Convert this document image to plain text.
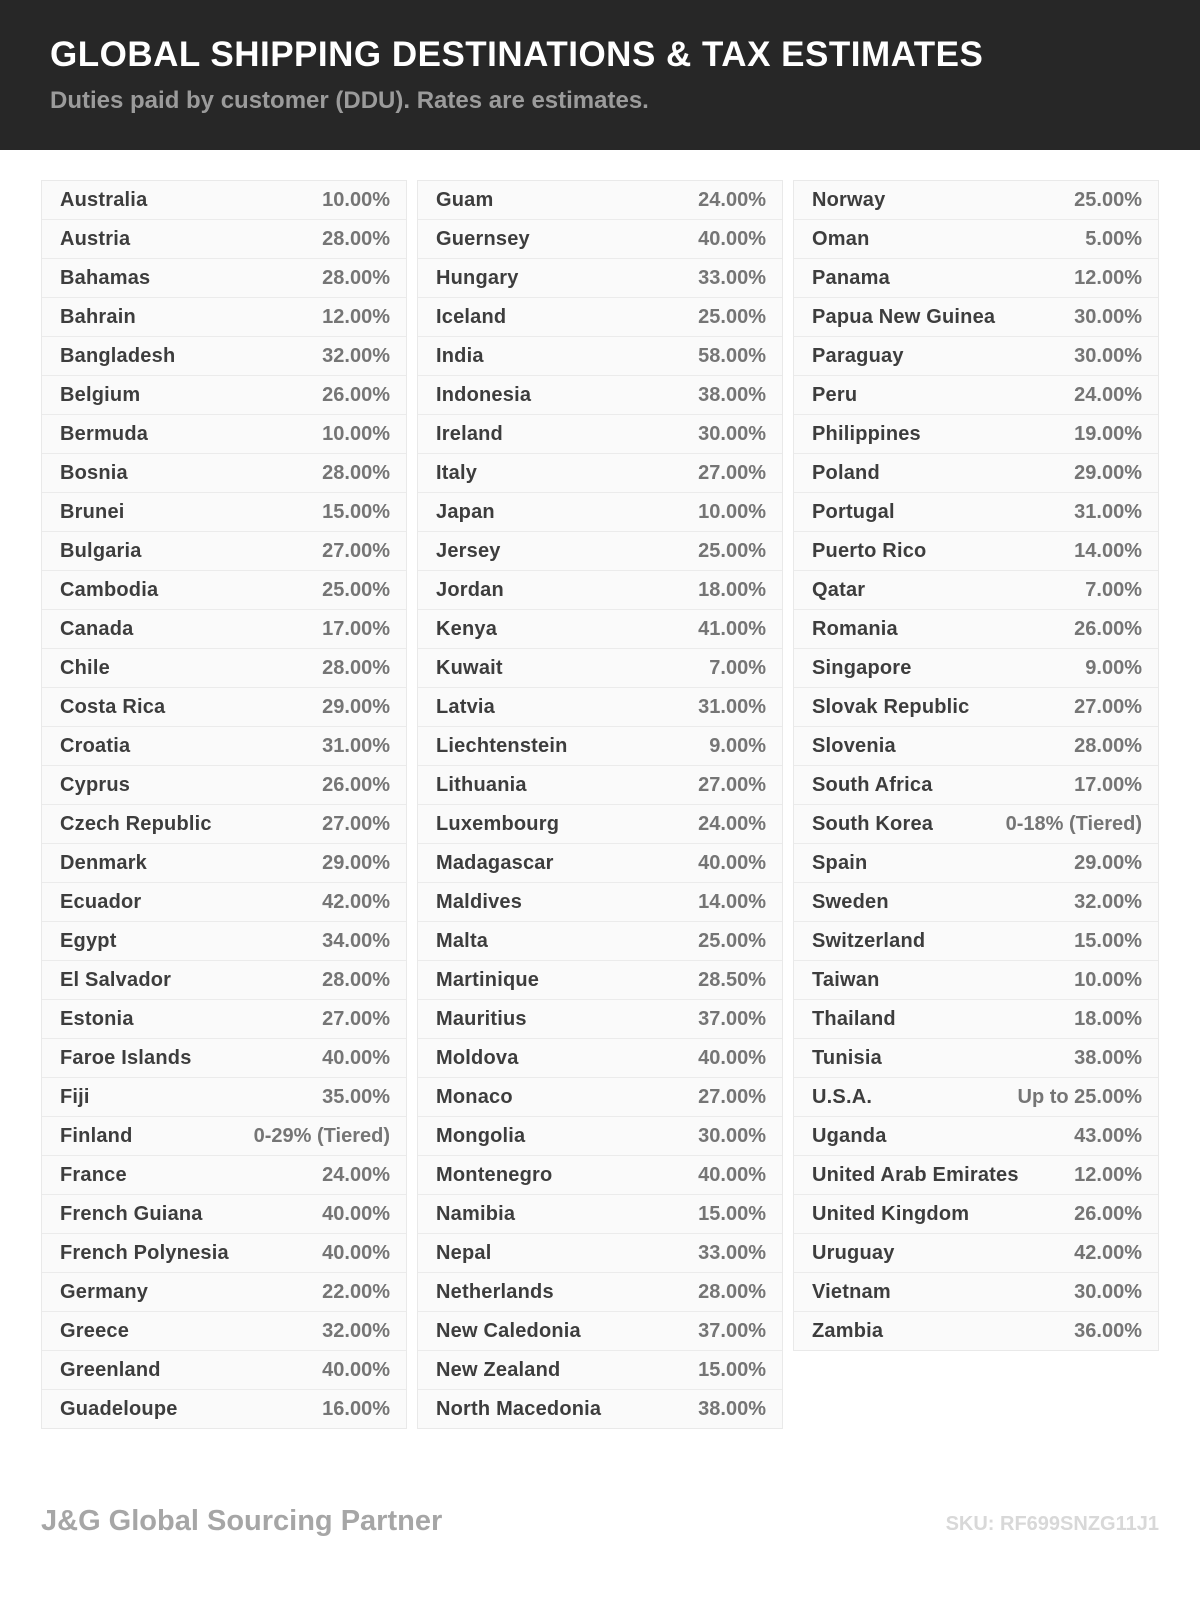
GLOBAL SHIPPING DESTINATIONS & TAX ESTIMATES
Duties paid by customer (DDU). Rates are estimates.
Australia	10.00%
Austria	28.00%
Bahamas	28.00%
Bahrain	12.00%
Bangladesh	32.00%
Belgium	26.00%
Bermuda	10.00%
Bosnia	28.00%
Brunei	15.00%
Bulgaria	27.00%
Cambodia	25.00%
Canada	17.00%
Chile	28.00%
Costa Rica	29.00%
Croatia	31.00%
Cyprus	26.00%
Czech Republic	27.00%
Denmark	29.00%
Ecuador	42.00%
Egypt	34.00%
El Salvador	28.00%
Estonia	27.00%
Faroe Islands	40.00%
Fiji	35.00%
Finland	0-29% (Tiered)
France	24.00%
French Guiana	40.00%
French Polynesia	40.00%
Germany	22.00%
Greece	32.00%
Greenland	40.00%
Guadeloupe	16.00%
Guam	24.00%
Guernsey	40.00%
Hungary	33.00%
Iceland	25.00%
India	58.00%
Indonesia	38.00%
Ireland	30.00%
Italy	27.00%
Japan	10.00%
Jersey	25.00%
Jordan	18.00%
Kenya	41.00%
Kuwait	7.00%
Latvia	31.00%
Liechtenstein	9.00%
Lithuania	27.00%
Luxembourg	24.00%
Madagascar	40.00%
Maldives	14.00%
Malta	25.00%
Martinique	28.50%
Mauritius	37.00%
Moldova	40.00%
Monaco	27.00%
Mongolia	30.00%
Montenegro	40.00%
Namibia	15.00%
Nepal	33.00%
Netherlands	28.00%
New Caledonia	37.00%
New Zealand	15.00%
North Macedonia	38.00%
Norway	25.00%
Oman	5.00%
Panama	12.00%
Papua New Guinea	30.00%
Paraguay	30.00%
Peru	24.00%
Philippines	19.00%
Poland	29.00%
Portugal	31.00%
Puerto Rico	14.00%
Qatar	7.00%
Romania	26.00%
Singapore	9.00%
Slovak Republic	27.00%
Slovenia	28.00%
South Africa	17.00%
South Korea	0-18% (Tiered)
Spain	29.00%
Sweden	32.00%
Switzerland	15.00%
Taiwan	10.00%
Thailand	18.00%
Tunisia	38.00%
U.S.A.	Up to 25.00%
Uganda	43.00%
United Arab Emirates	12.00%
United Kingdom	26.00%
Uruguay	42.00%
Vietnam	30.00%
Zambia	36.00%
J&G Global Sourcing Partner	SKU: RF699SNZG11J1
